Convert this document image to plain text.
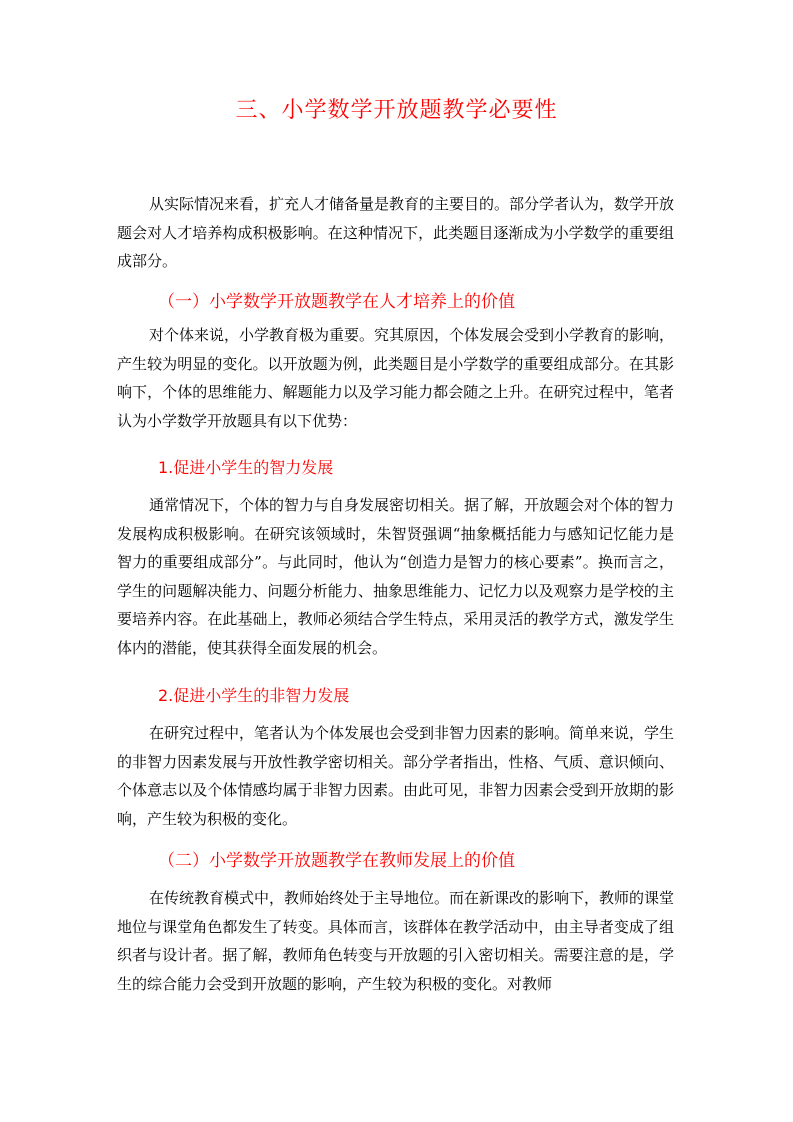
三、小学数学开放题教学必要性

从实际情况来看，扩充人才储备量是教育的主要目的。部分学者认为，数学开放题会对人才培养构成积极影响。在这种情况下，此类题目逐渐成为小学数学的重要组成部分。

（一）小学数学开放题教学在人才培养上的价值

对个体来说，小学教育极为重要。究其原因，个体发展会受到小学教育的影响，产生较为明显的变化。以开放题为例，此类题目是小学数学的重要组成部分。在其影响下，个体的思维能力、解题能力以及学习能力都会随之上升。在研究过程中，笔者认为小学数学开放题具有以下优势：

1.促进小学生的智力发展

通常情况下，个体的智力与自身发展密切相关。据了解，开放题会对个体的智力发展构成积极影响。在研究该领域时，朱智贤强调“抽象概括能力与感知记忆能力是智力的重要组成部分”。与此同时，他认为“创造力是智力的核心要素”。换而言之，学生的问题解决能力、问题分析能力、抽象思维能力、记忆力以及观察力是学校的主要培养内容。在此基础上，教师必须结合学生特点，采用灵活的教学方式，激发学生体内的潜能，使其获得全面发展的机会。

2.促进小学生的非智力发展

在研究过程中，笔者认为个体发展也会受到非智力因素的影响。简单来说，学生的非智力因素发展与开放性教学密切相关。部分学者指出，性格、气质、意识倾向、个体意志以及个体情感均属于非智力因素。由此可见，非智力因素会受到开放期的影响，产生较为积极的变化。

（二）小学数学开放题教学在教师发展上的价值

在传统教育模式中，教师始终处于主导地位。而在新课改的影响下，教师的课堂地位与课堂角色都发生了转变。具体而言，该群体在教学活动中，由主导者变成了组织者与设计者。据了解，教师角色转变与开放题的引入密切相关。需要注意的是，学生的综合能力会受到开放题的影响，产生较为积极的变化。对教师
